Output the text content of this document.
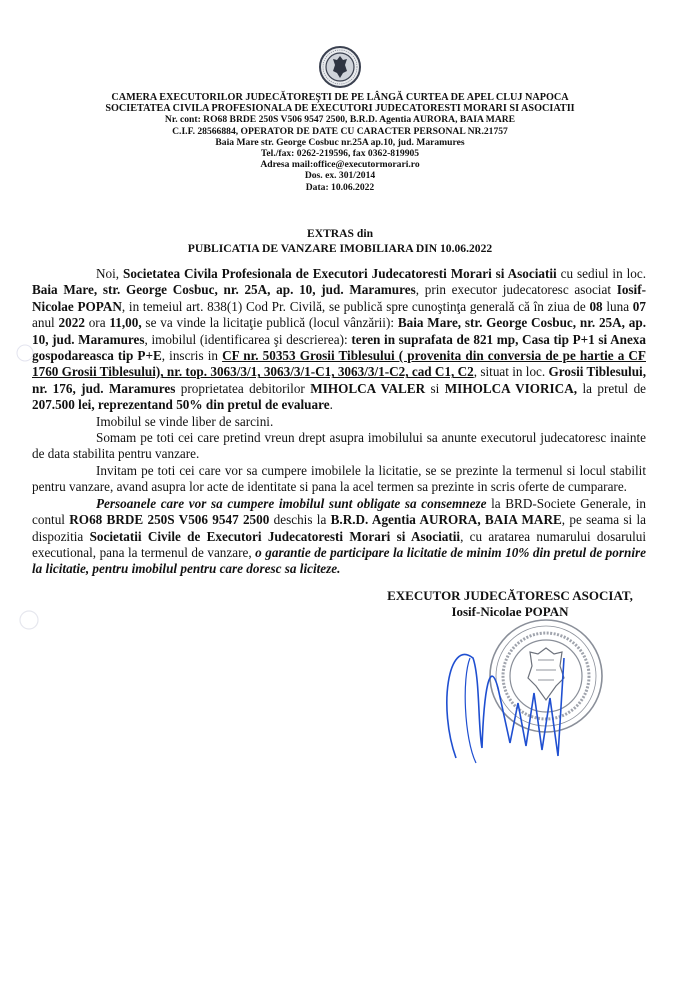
CAMERA EXECUTORILOR JUDECĂTOREŞTI DE PE LÂNGĂ CURTEA DE APEL CLUJ NAPOCA
SOCIETATEA CIVILA PROFESIONALA DE EXECUTORI JUDECATORESTI MORARI SI ASOCIATII
Nr. cont: RO68 BRDE 250S V506 9547 2500, B.R.D. Agentia AURORA, BAIA MARE
C.I.F. 28566884, OPERATOR DE DATE CU CARACTER PERSONAL NR.21757
Baia Mare str. George Cosbuc nr.25A ap.10, jud. Maramures
Tel./fax: 0262-219596, fax 0362-819905
Adresa mail:office@executormorari.ro
Dos. ex. 301/2014
Data: 10.06.2022
EXTRAS din
PUBLICATIA DE VANZARE IMOBILIARA DIN 10.06.2022

Noi, Societatea Civila Profesionala de Executori Judecatoresti Morari si Asociatii cu sediul in loc. Baia Mare, str. George Cosbuc, nr. 25A, ap. 10, jud. Maramures, prin executor judecatoresc asociat Iosif-Nicolae POPAN, in temeiul art. 838(1) Cod Pr. Civilă, se publică spre cunoştinţa generală că în ziua de 08 luna 07 anul 2022 ora 11,00, se va vinde la licitaţie publică (locul vânzării): Baia Mare, str. George Cosbuc, nr. 25A, ap. 10, jud. Maramures, imobilul (identificarea şi descrierea): teren in suprafata de 821 mp, Casa tip P+1 si Anexa gospodareasca tip P+E, inscris in CF nr. 50353 Grosii Tiblesului ( provenita din conversia de pe hartie a CF 1760 Grosii Tiblesului), nr. top. 3063/3/1, 3063/3/1-C1, 3063/3/1-C2, cad C1, C2, situat in loc. Grosii Tiblesului, nr. 176, jud. Maramures proprietatea debitorilor MIHOLCA VALER si MIHOLCA VIORICA, la pretul de 207.500 lei, reprezentand 50% din pretul de evaluare.

Imobilul se vinde liber de sarcini.

Somam pe toti cei care pretind vreun drept asupra imobilului sa anunte executorul judecatoresc inainte de data stabilita pentru vanzare.

Invitam pe toti cei care vor sa cumpere imobilele la licitatie, se se prezinte la termenul si locul stabilit pentru vanzare, avand asupra lor acte de identitate si pana la acel termen sa prezinte in scris oferte de cumparare.

Persoanele care vor sa cumpere imobilul sunt obligate sa consemneze la BRD-Societe Generale, in contul RO68 BRDE 250S V506 9547 2500 deschis la B.R.D. Agentia AURORA, BAIA MARE, pe seama si la dispozitia Societatii Civile de Executori Judecatoresti Morari si Asociatii, cu aratarea numarului dosarului executional, pana la termenul de vanzare, o garantie de participare la licitatie de minim 10% din pretul de pornire la licitatie, pentru imobilul pentru care doresc sa liciteze.

EXECUTOR JUDECĂTORESC ASOCIAT,
Iosif-Nicolae POPAN
